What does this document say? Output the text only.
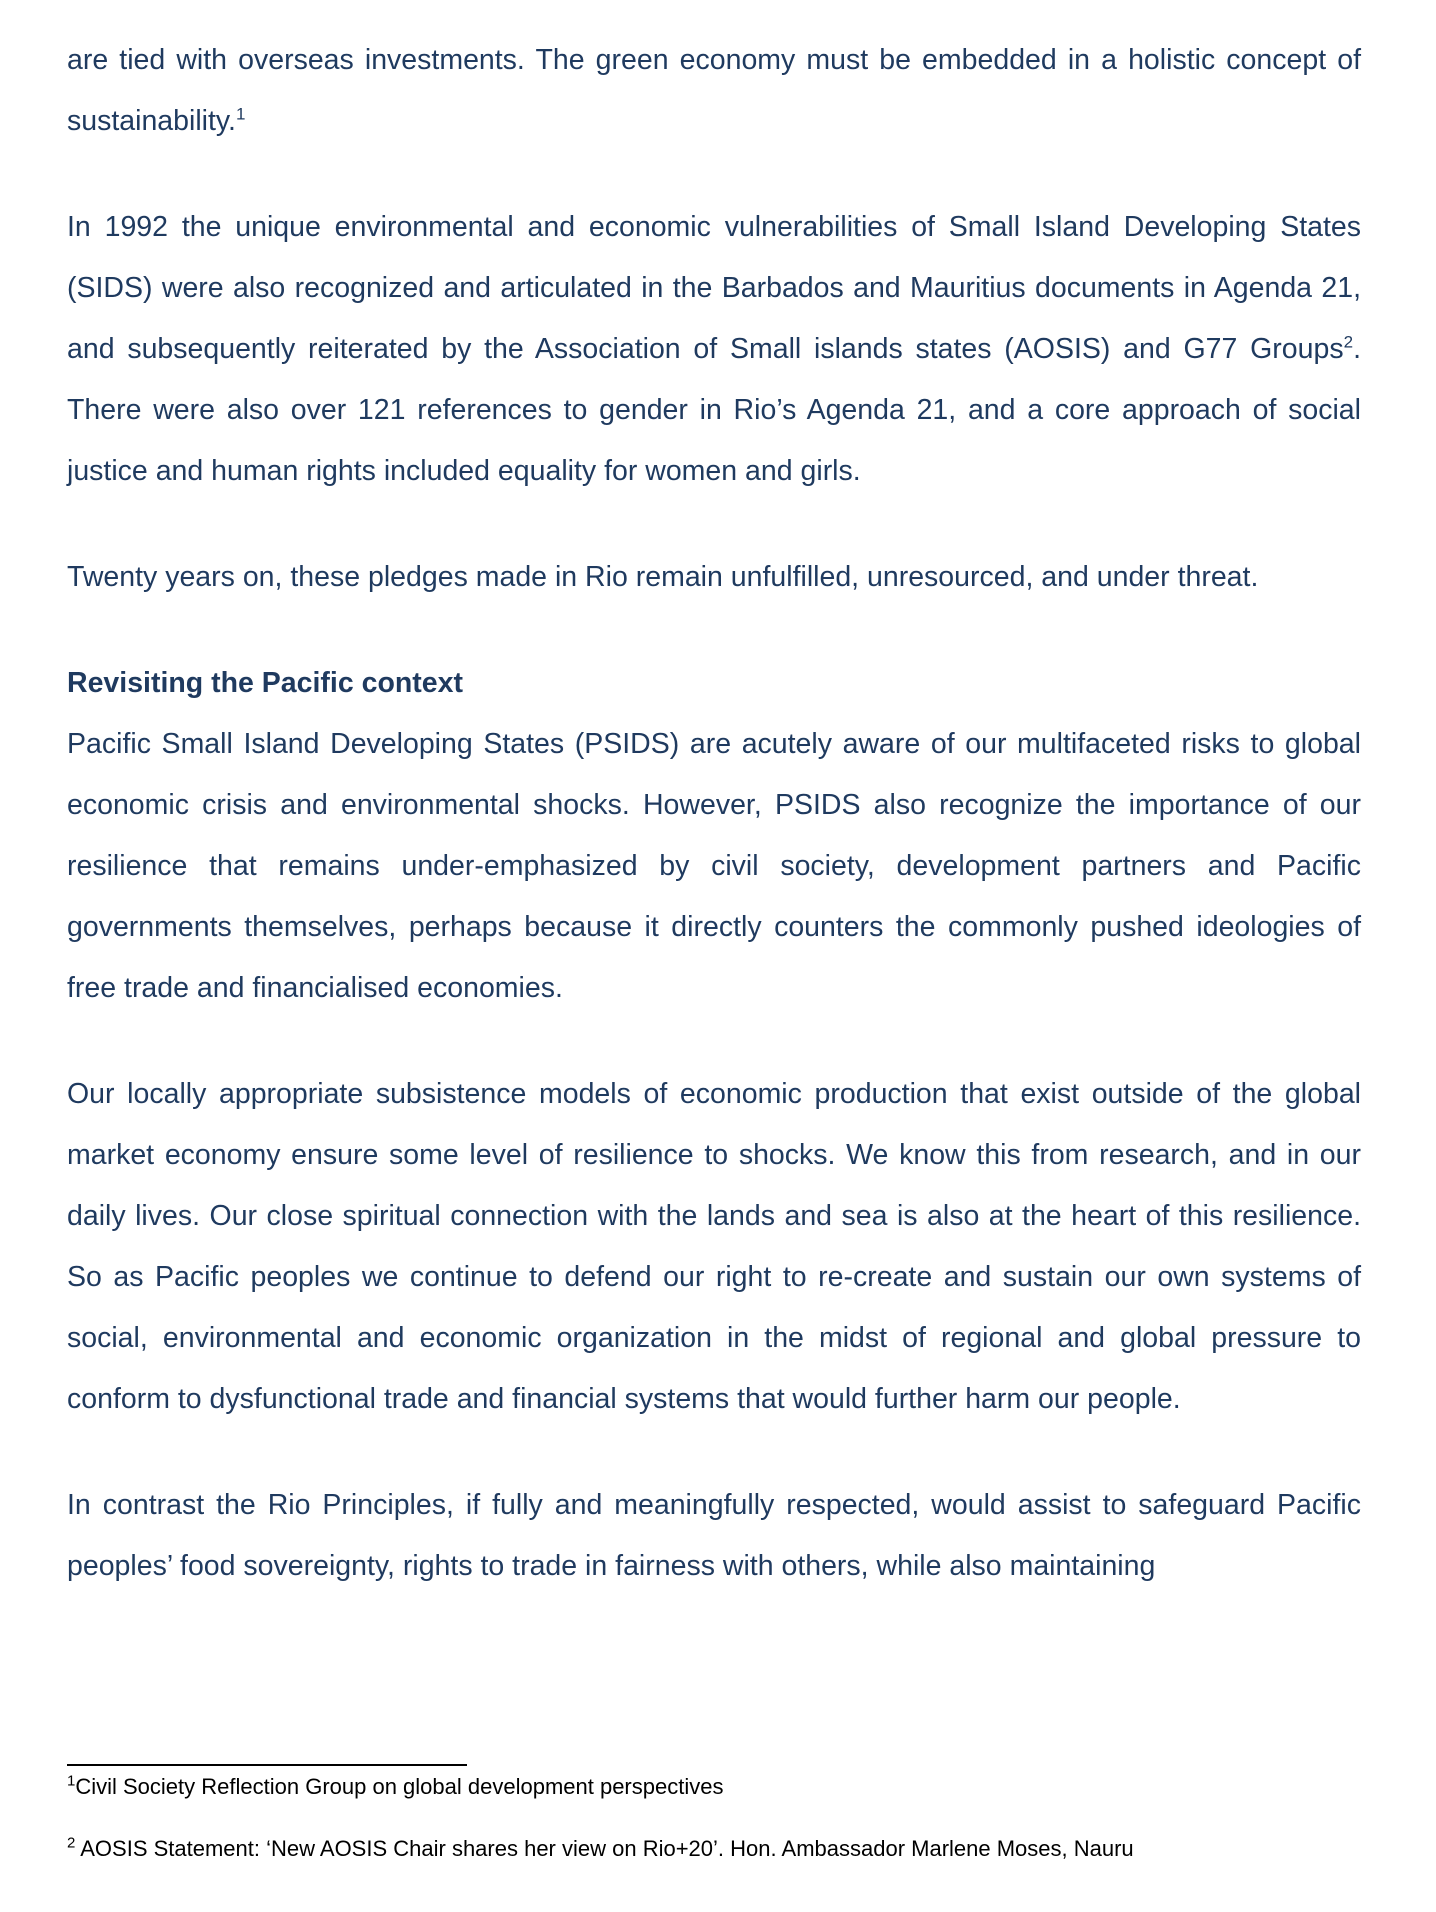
are tied with overseas investments. The green economy must be embedded in a holistic concept of sustainability.$^1$

In 1992 the unique environmental and economic vulnerabilities of Small Island Developing States (SIDS) were also recognized and articulated in the Barbados and Mauritius documents in Agenda 21, and subsequently reiterated by the Association of Small islands states (AOSIS) and G77 Groups$^2$. There were also over 121 references to gender in Rio’s Agenda 21, and a core approach of social justice and human rights included equality for women and girls.

Twenty years on, these pledges made in Rio remain unfulfilled, unresourced, and under threat.

Revisiting the Pacific context

Pacific Small Island Developing States (PSIDS) are acutely aware of our multifaceted risks to global economic crisis and environmental shocks. However, PSIDS also recognize the importance of our resilience that remains under-emphasized by civil society, development partners and Pacific governments themselves, perhaps because it directly counters the commonly pushed ideologies of free trade and financialised economies.

Our locally appropriate subsistence models of economic production that exist outside of the global market economy ensure some level of resilience to shocks. We know this from research, and in our daily lives. Our close spiritual connection with the lands and sea is also at the heart of this resilience. So as Pacific peoples we continue to defend our right to re-create and sustain our own systems of social, environmental and economic organization in the midst of regional and global pressure to conform to dysfunctional trade and financial systems that would further harm our people.

In contrast the Rio Principles, if fully and meaningfully respected, would assist to safeguard Pacific peoples’ food sovereignty, rights to trade in fairness with others, while also maintaining

$^1$Civil Society Reflection Group on global development perspectives

$^2$ AOSIS Statement: ‘New AOSIS Chair shares her view on Rio+20’. Hon. Ambassador Marlene Moses, Nauru
